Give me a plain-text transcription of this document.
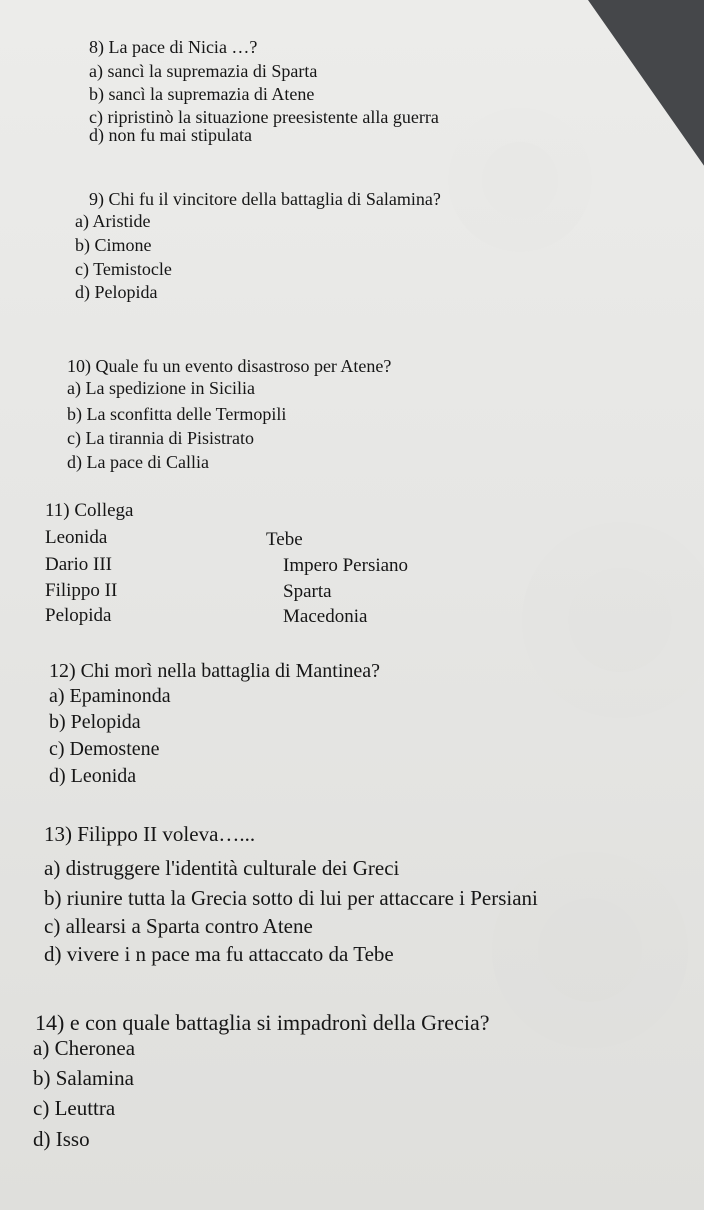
8) La pace di Nicia …?
a) sancì la supremazia di Sparta
b) sancì la supremazia di Atene
c) ripristinò la situazione preesistente alla guerra
d) non fu mai stipulata
9) Chi fu il vincitore della battaglia di Salamina?
a) Aristide
b) Cimone
c) Temistocle
d) Pelopida
10) Quale fu un evento disastroso per Atene?
a) La spedizione in Sicilia
b) La sconfitta delle Termopili
c) La tirannia di Pisistrato
d) La pace di Callia
11) Collega
Leonida
Dario III
Filippo II
Pelopida
Tebe
Impero Persiano
Sparta
Macedonia
12) Chi morì nella battaglia di Mantinea?
a) Epaminonda
b) Pelopida
c) Demostene
d) Leonida
13) Filippo II voleva…...
a) distruggere l'identità culturale dei Greci
b) riunire tutta la Grecia sotto di lui per attaccare i Persiani
c) allearsi a Sparta contro Atene
d) vivere i n pace ma fu attaccato da Tebe
14) e con quale battaglia si impadronì della Grecia?
a) Cheronea
b) Salamina
c) Leuttra
d) Isso
